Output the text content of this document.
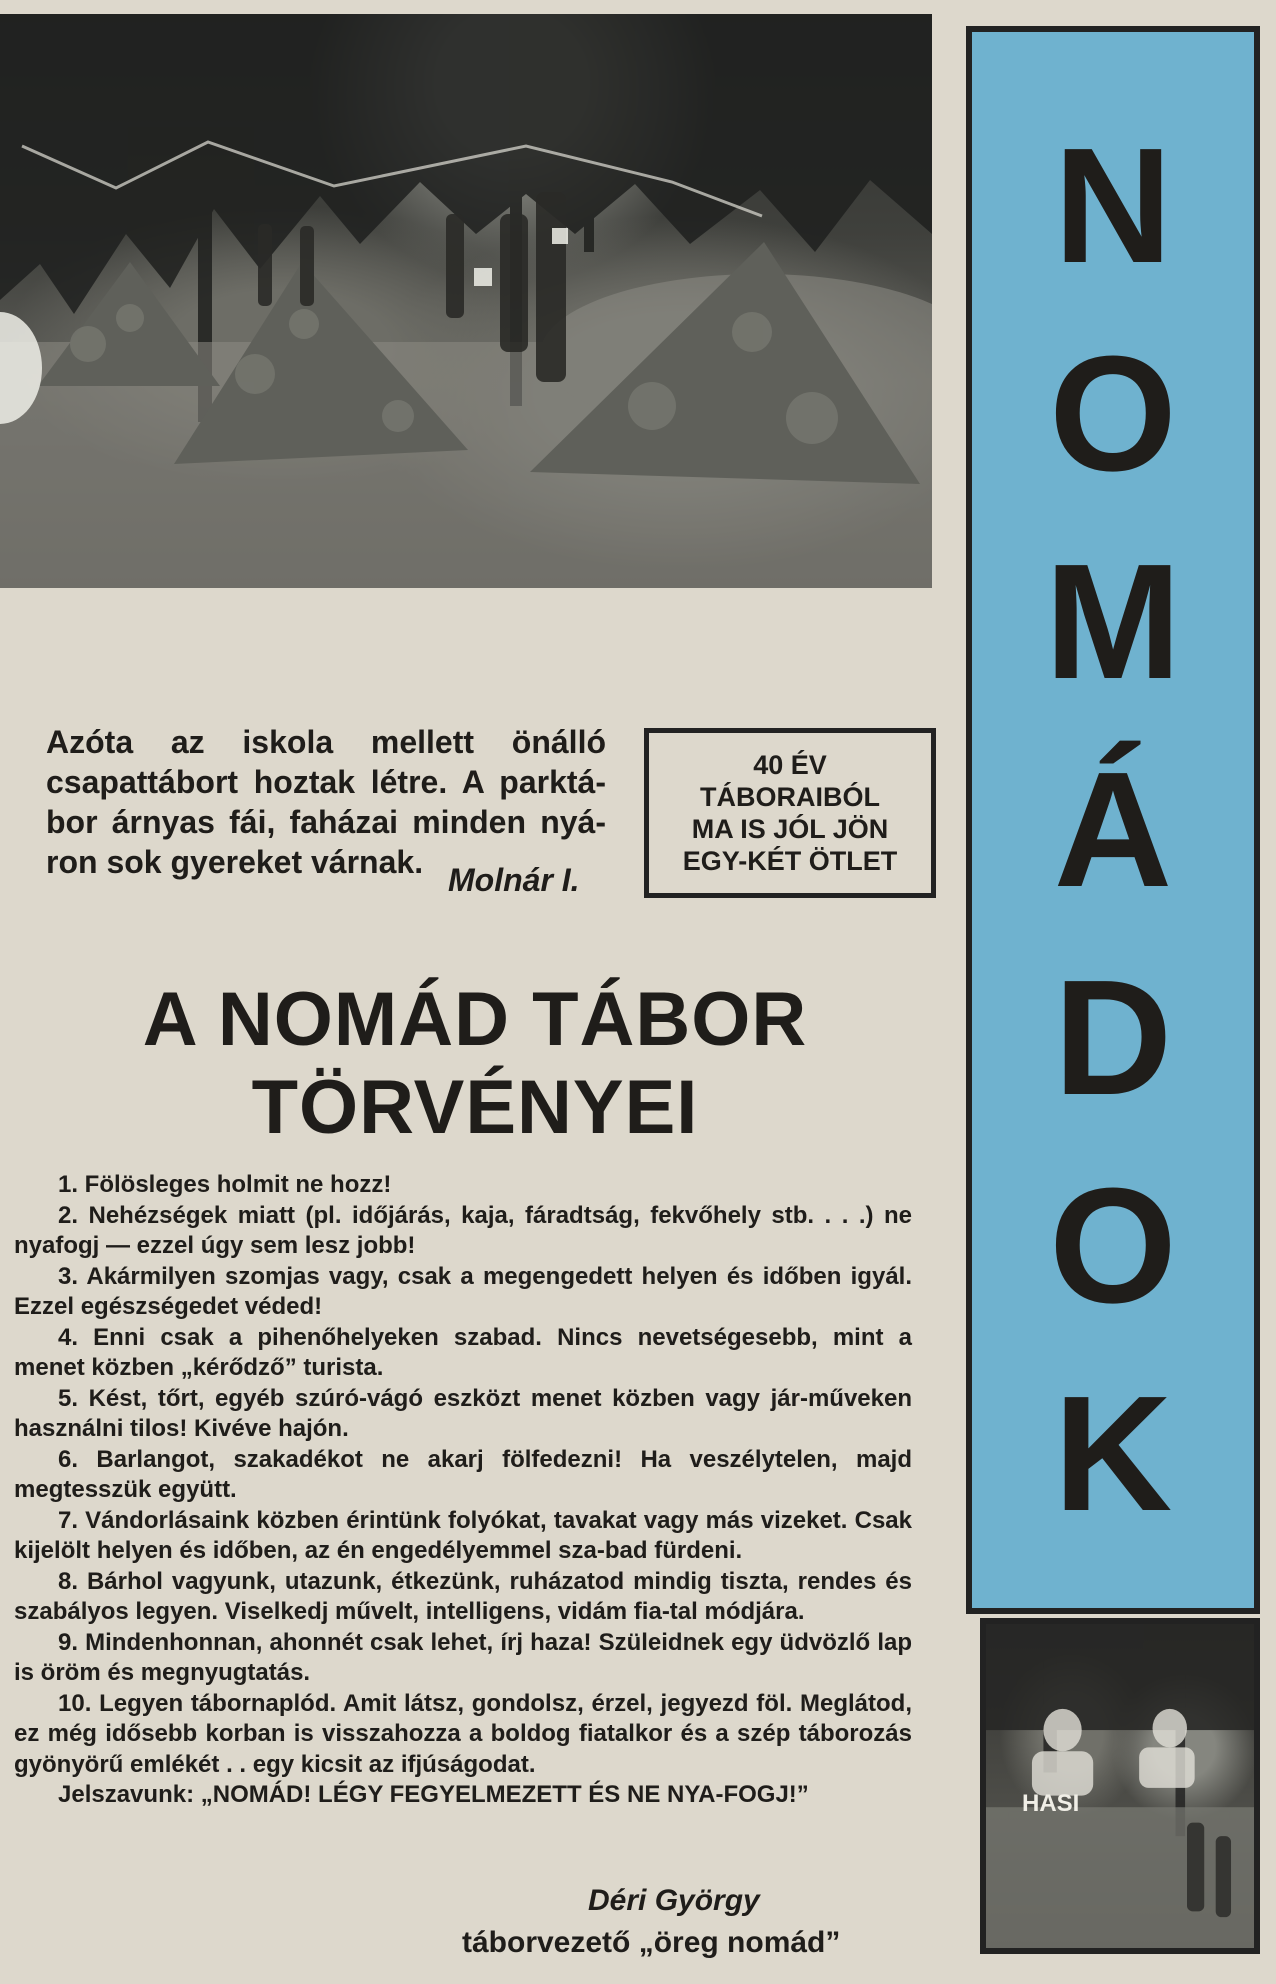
N
O
M
Á
D
O
K
HASI
Azóta az iskola mellett önálló csapattábort hoztak létre. A parktá-bor árnyas fái, faházai minden nyá-ron sok gyereket várnak. Molnár I.
40 ÉV
TÁBORAIBÓL
MA IS JÓL JÖN
EGY-KÉT ÖTLET
A NOMÁD TÁBOR
TÖRVÉNYEI
1. Fölösleges holmit ne hozz!
2. Nehézségek miatt (pl. időjárás, kaja, fáradtság, fekvőhely stb. . . .) ne nyafogj — ezzel úgy sem lesz jobb!
3. Akármilyen szomjas vagy, csak a megengedett helyen és időben igyál. Ezzel egészségedet véded!
4. Enni csak a pihenőhelyeken szabad. Nincs nevetségesebb, mint a menet közben „kérődző” turista.
5. Kést, tőrt, egyéb szúró-vágó eszközt menet közben vagy jár-műveken használni tilos! Kivéve hajón.
6. Barlangot, szakadékot ne akarj fölfedezni! Ha veszélytelen, majd megtesszük együtt.
7. Vándorlásaink közben érintünk folyókat, tavakat vagy más vizeket. Csak kijelölt helyen és időben, az én engedélyemmel sza-bad fürdeni.
8. Bárhol vagyunk, utazunk, étkezünk, ruházatod mindig tiszta, rendes és szabályos legyen. Viselkedj művelt, intelligens, vidám fia-tal módjára.
9. Mindenhonnan, ahonnét csak lehet, írj haza! Szüleidnek egy üdvözlő lap is öröm és megnyugtatás.
10. Legyen tábornaplód. Amit látsz, gondolsz, érzel, jegyezd föl. Meglátod, ez még idősebb korban is visszahozza a boldog fiatalkor és a szép táborozás gyönyörű emlékét . . egy kicsit az ifjúságodat.
Jelszavunk: „NOMÁD! LÉGY FEGYELMEZETT ÉS NE NYA-FOGJ!”
Déri György
táborvezető „öreg nomád”
